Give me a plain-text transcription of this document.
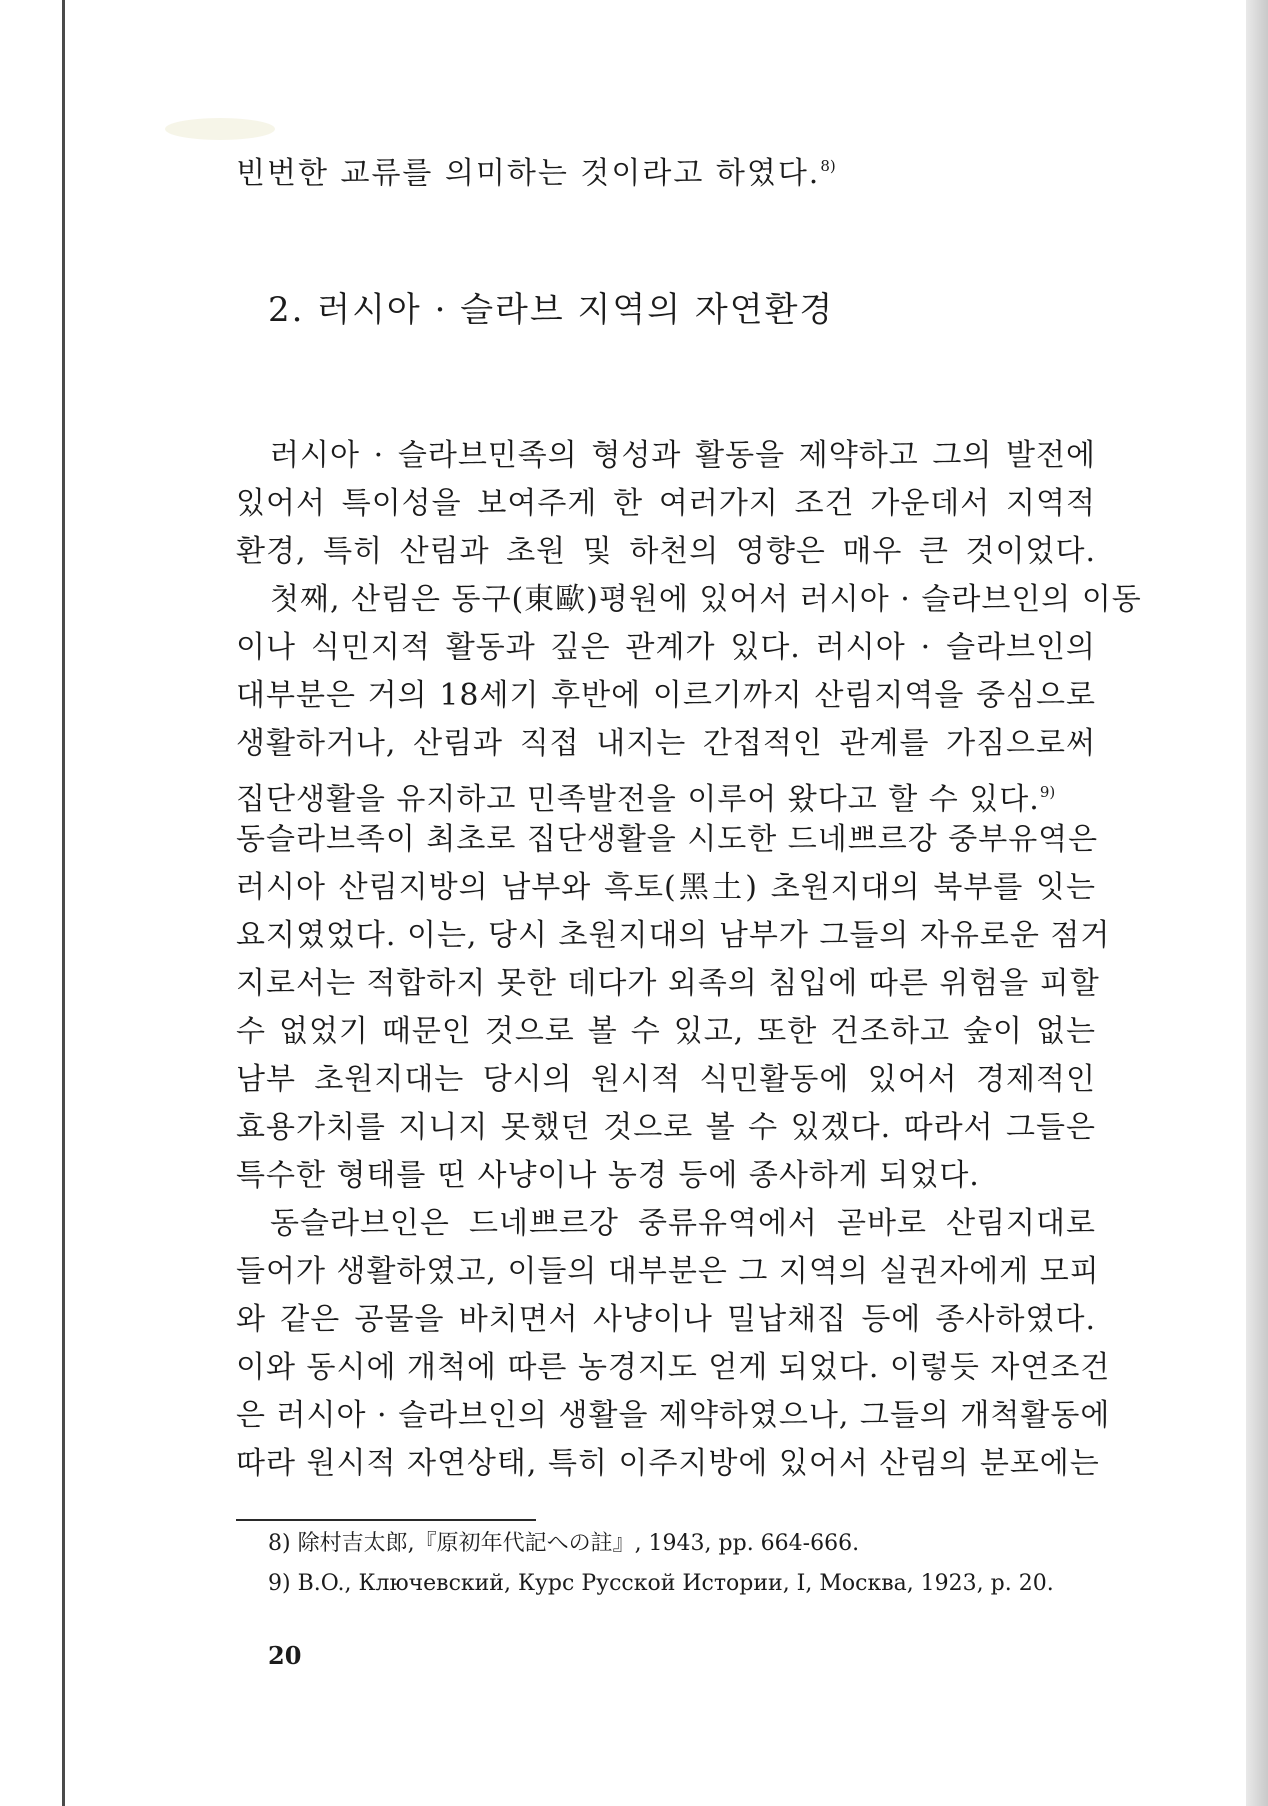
빈번한 교류를 의미하는 것이라고 하였다.$^{8)}$
2. 러시아 · 슬라브 지역의 자연환경
러시아 · 슬라브민족의 형성과 활동을 제약하고 그의 발전에
있어서 특이성을 보여주게 한 여러가지 조건 가운데서 지역적
환경, 특히 산림과 초원 및 하천의 영향은 매우 큰 것이었다.
첫째, 산림은 동구(東歐)평원에 있어서 러시아 · 슬라브인의 이동
이나 식민지적 활동과 깊은 관계가 있다. 러시아 · 슬라브인의
대부분은 거의 18세기 후반에 이르기까지 산림지역을 중심으로
생활하거나, 산림과 직접 내지는 간접적인 관계를 가짐으로써
집단생활을 유지하고 민족발전을 이루어 왔다고 할 수 있다.$^{9)}$
동슬라브족이 최초로 집단생활을 시도한 드네쁘르강 중부유역은
러시아 산림지방의 남부와 흑토(黑土) 초원지대의 북부를 잇는
요지였었다. 이는, 당시 초원지대의 남부가 그들의 자유로운 점거
지로서는 적합하지 못한 데다가 외족의 침입에 따른 위험을 피할
수 없었기 때문인 것으로 볼 수 있고, 또한 건조하고 숲이 없는
남부 초원지대는 당시의 원시적 식민활동에 있어서 경제적인
효용가치를 지니지 못했던 것으로 볼 수 있겠다. 따라서 그들은
특수한 형태를 띤 사냥이나 농경 등에 종사하게 되었다.
동슬라브인은 드네쁘르강 중류유역에서 곧바로 산림지대로
들어가 생활하였고, 이들의 대부분은 그 지역의 실권자에게 모피
와 같은 공물을 바치면서 사냥이나 밀납채집 등에 종사하였다.
이와 동시에 개척에 따른 농경지도 얻게 되었다. 이렇듯 자연조건
은 러시아 · 슬라브인의 생활을 제약하였으나, 그들의 개척활동에
따라 원시적 자연상태, 특히 이주지방에 있어서 산림의 분포에는
8) 除村吉太郎,『原初年代記への註』, 1943, pp. 664-666.
9) B.O., Ключевский, Курс Русской Истории, I, Москва, 1923, p. 20.
20
